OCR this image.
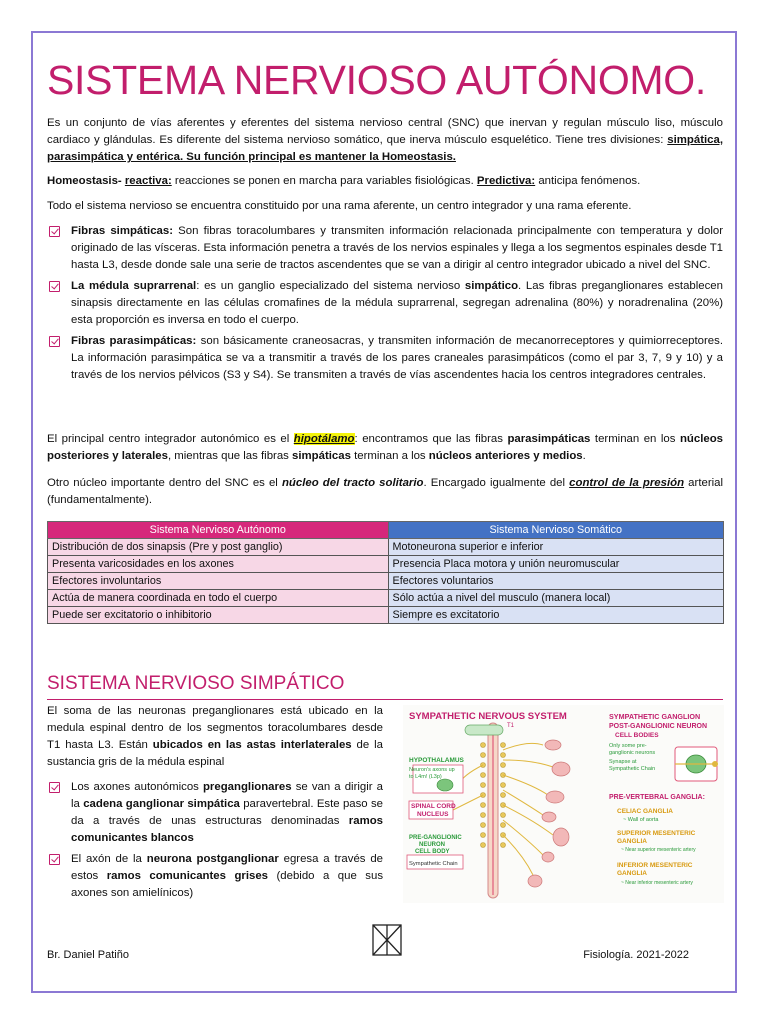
SISTEMA NERVIOSO AUTÓNOMO.

Es un conjunto de vías aferentes y eferentes del sistema nervioso central (SNC) que inervan y regulan músculo liso, músculo cardiaco y glándulas. Es diferente del sistema nervioso somático, que inerva músculo esquelético. Tiene tres divisiones: simpática, parasimpática y entérica. Su función principal es mantener la Homeostasis.

Homeostasis- reactiva: reacciones se ponen en marcha para variables fisiológicas. Predictiva: anticipa fenómenos.

Todo el sistema nervioso se encuentra constituido por una rama aferente, un centro integrador y una rama eferente.

Fibras simpáticas: Son fibras toracolumbares y transmiten información relacionada principalmente con temperatura y dolor originado de las vísceras. Esta información penetra a través de los nervios espinales y llega a los segmentos espinales desde T1 hasta L3, desde donde sale una serie de tractos ascendentes que se van a dirigir al centro integrador ubicado a nivel del SNC.
La médula suprarrenal: es un ganglio especializado del sistema nervioso simpático. Las fibras preganglionares establecen sinapsis directamente en las células cromafines de la médula suprarrenal, segregan adrenalina (80%) y noradrenalina (20%) esta proporción es inversa en todo el cuerpo.
Fibras parasimpáticas: son básicamente craneosacras, y transmiten información de mecanorreceptores y quimiorreceptores. La información parasimpática se va a transmitir a través de los pares craneales parasimpáticos (como el par 3, 7, 9 y 10) y a través de los nervios pélvicos (S3 y S4). Se transmiten a través de vías ascendentes hacia los centros integradores centrales.

El principal centro integrador autonómico es el hipotálamo: encontramos que las fibras parasimpáticas terminan en los núcleos posteriores y laterales, mientras que las fibras simpáticas terminan a los núcleos anteriores y medios.

Otro núcleo importante dentro del SNC es el núcleo del tracto solitario. Encargado igualmente del control de la presión arterial (fundamentalmente).

Sistema Nervioso Autónomo	Sistema Nervioso Somático
Distribución de dos sinapsis (Pre y post ganglio)	Motoneurona superior e inferior
Presenta varicosidades en los axones	Presencia Placa motora y unión neuromuscular
Efectores involuntarios	Efectores voluntarios
Actúa de manera coordinada en todo el cuerpo	Sólo actúa a nivel del musculo (manera local)
Puede ser excitatorio o inhibitorio	Siempre es excitatorio
SISTEMA NERVIOSO SIMPÁTICO

El soma de las neuronas preganglionares está ubicado en la medula espinal dentro de los segmentos toracolumbares desde T1 hasta L3. Están ubicados en las astas interlaterales de la sustancia gris de la médula espinal

Los axones autonómicos preganglionares se van a dirigir a la cadena ganglionar simpática paravertebral. Este paso se da a través de unas estructuras denominadas ramos comunicantes blancos
El axón de la neurona postganglionar egresa a través de estos ramos comunicantes grises (debido a que sus axones son amielínicos)
SYMPATHETIC NERVOUS SYSTEM
HYPOTHALAMUS
Neuron's axons up
to L4m! (L3p)
SPINAL CORD
NUCLEUS
PRE-GANGLIONIC
NEURON
CELL BODY
Sympathetic Chain
T1
SYMPATHETIC GANGLION
POST-GANGLIONIC NEURON
CELL BODIES
Only some pre-
ganglionic neurons
Synapse at
Sympathetic Chain
PRE-VERTEBRAL GANGLIA:
CELIAC GANGLIA
~ Wall of aorta
SUPERIOR MESENTERIC
GANGLIA
~ Near superior mesenteric artery
INFERIOR MESENTERIC
GANGLIA
~ Near inferior mesenteric artery
Br. Daniel Patiño	Fisiología. 2021-2022
